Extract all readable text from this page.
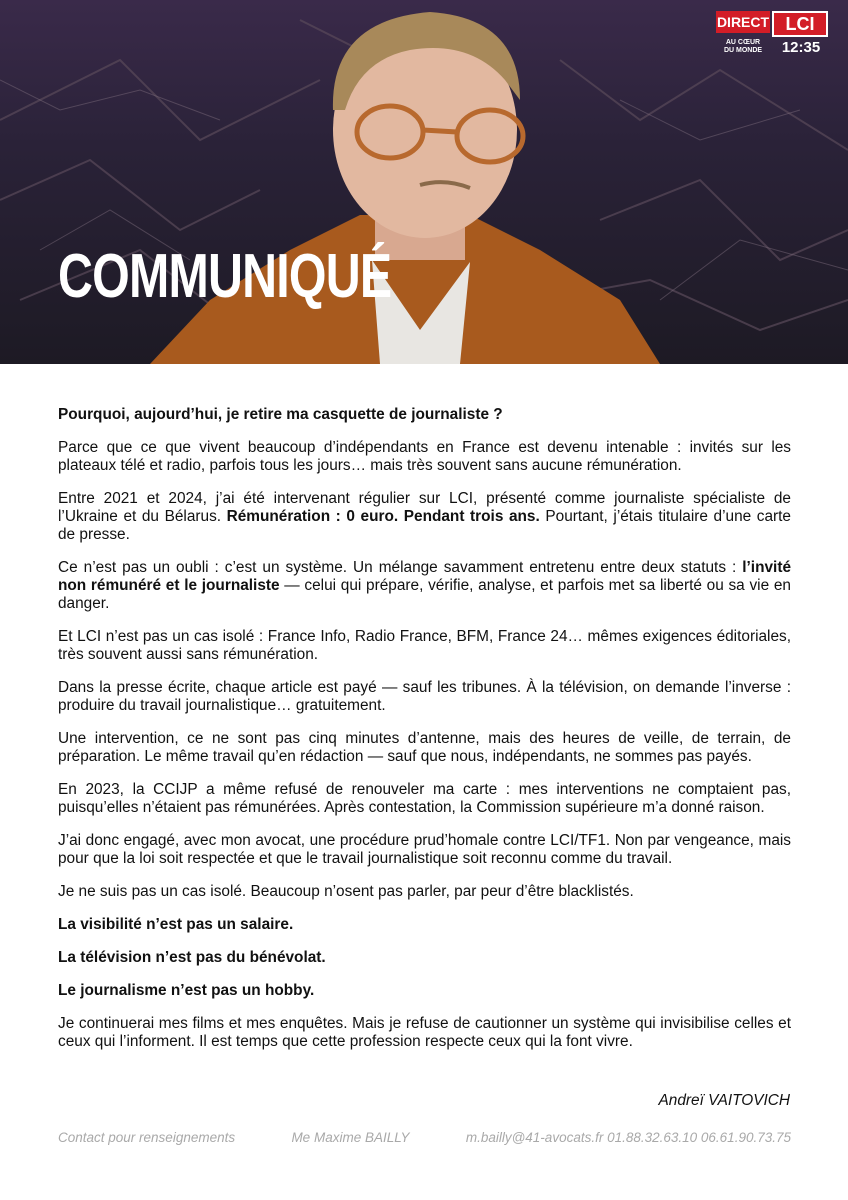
COMMUNIQUÉ
DIRECT LCI
AU CŒUR
DU MONDE	12:35

Pourquoi, aujourd’hui, je retire ma casquette de journaliste ?

Parce que ce que vivent beaucoup d’indépendants en France est devenu intenable : invités sur les plateaux télé et radio, parfois tous les jours… mais très souvent sans aucune rémunération.

Entre 2021 et 2024, j’ai été intervenant régulier sur LCI, présenté comme journaliste spécialiste de l’Ukraine et du Bélarus. Rémunération : 0 euro. Pendant trois ans. Pourtant, j’étais titulaire d’une carte de presse.

Ce n’est pas un oubli : c’est un système. Un mélange savamment entretenu entre deux statuts : l’invité non rémunéré et le journaliste — celui qui prépare, vérifie, analyse, et parfois met sa liberté ou sa vie en danger.

Et LCI n’est pas un cas isolé : France Info, Radio France, BFM, France 24… mêmes exigences éditoriales, très souvent aussi sans rémunération.

Dans la presse écrite, chaque article est payé — sauf les tribunes. À la télévision, on demande l’inverse : produire du travail journalistique… gratuitement.

Une intervention, ce ne sont pas cinq minutes d’antenne, mais des heures de veille, de terrain, de préparation. Le même travail qu’en rédaction — sauf que nous, indépendants, ne sommes pas payés.

En 2023, la CCIJP a même refusé de renouveler ma carte : mes interventions ne comptaient pas, puisqu’elles n’étaient pas rémunérées. Après contestation, la Commission supérieure m’a donné raison.

J’ai donc engagé, avec mon avocat, une procédure prud’homale contre LCI/TF1. Non par vengeance, mais pour que la loi soit respectée et que le travail journalistique soit reconnu comme du travail.

Je ne suis pas un cas isolé. Beaucoup n’osent pas parler, par peur d’être blacklistés.

La visibilité n’est pas un salaire.

La télévision n’est pas du bénévolat.

Le journalisme n’est pas un hobby.

Je continuerai mes films et mes enquêtes. Mais je refuse de cautionner un système qui invisibilise celles et ceux qui l’informent. Il est temps que cette profession respecte ceux qui la font vivre.

Andreï VAITOVICH
Contact pour renseignements	Me Maxime BAILLY	m.bailly@41-avocats.fr 01.88.32.63.10 06.61.90.73.75
